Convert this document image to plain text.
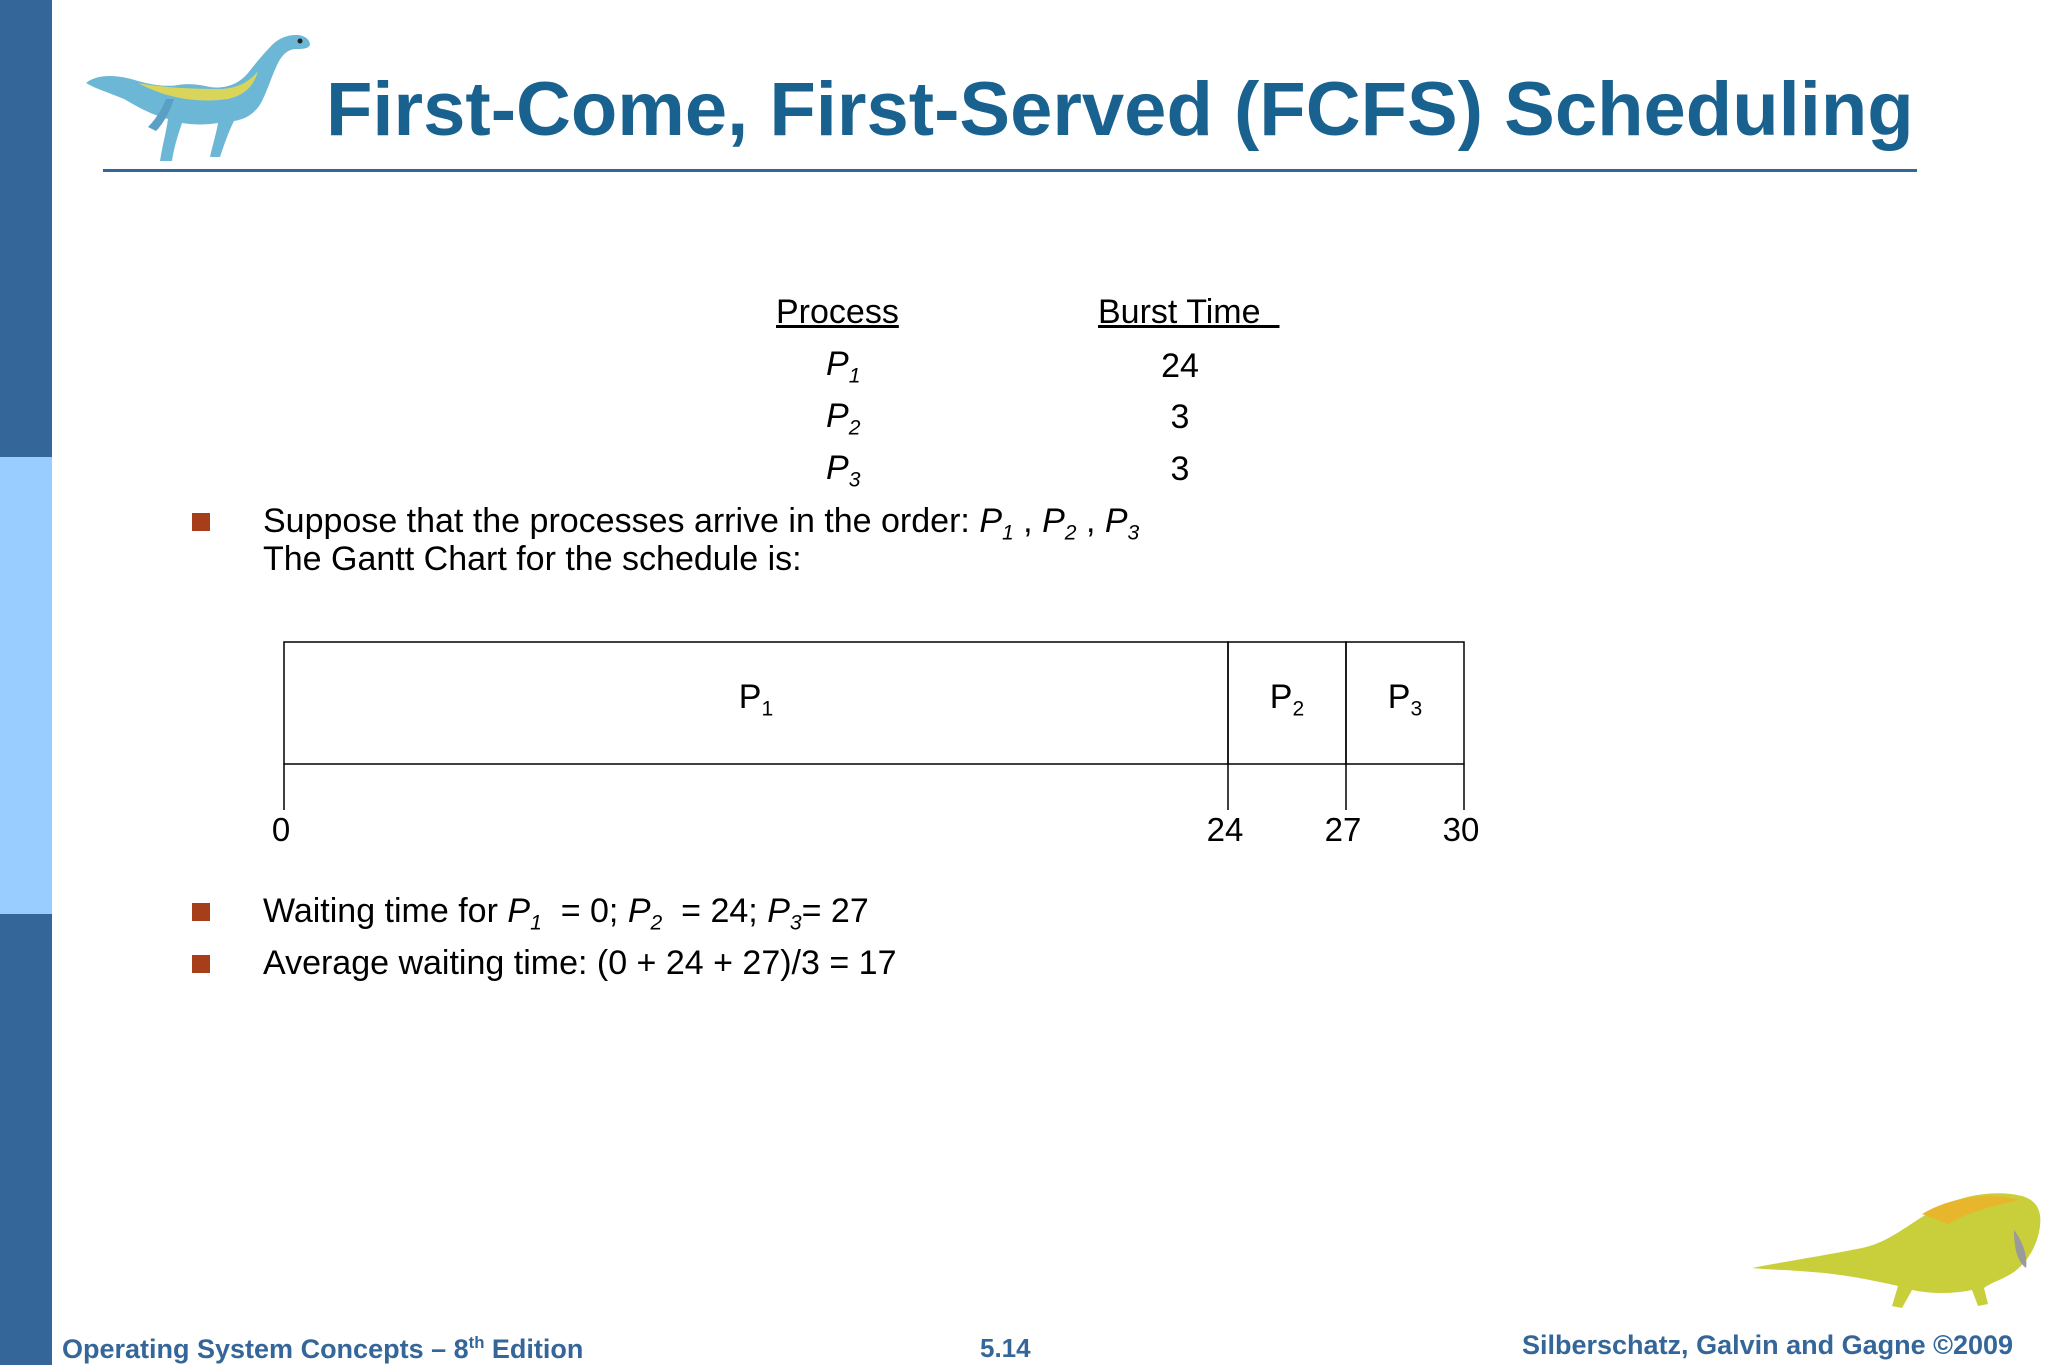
First-Come, First-Served (FCFS) Scheduling
Process	Burst Time
$P_1$	24
$P_2$	3
$P_3$	3
Suppose that the processes arrive in the order: $P_1$ , $P_2$ , $P_3$
The Gantt Chart for the schedule is:
$P_1$	$P_2$ $P_3$
0	24 27 30
Waiting time for $P_1 = 0$; $P_2 = 24$; $P_3= 27$
Average waiting time: (0 + 24 + 27)/3 = 17
Operating System Concepts – 8th Edition	5.14	Silberschatz, Galvin and Gagne ©2009
